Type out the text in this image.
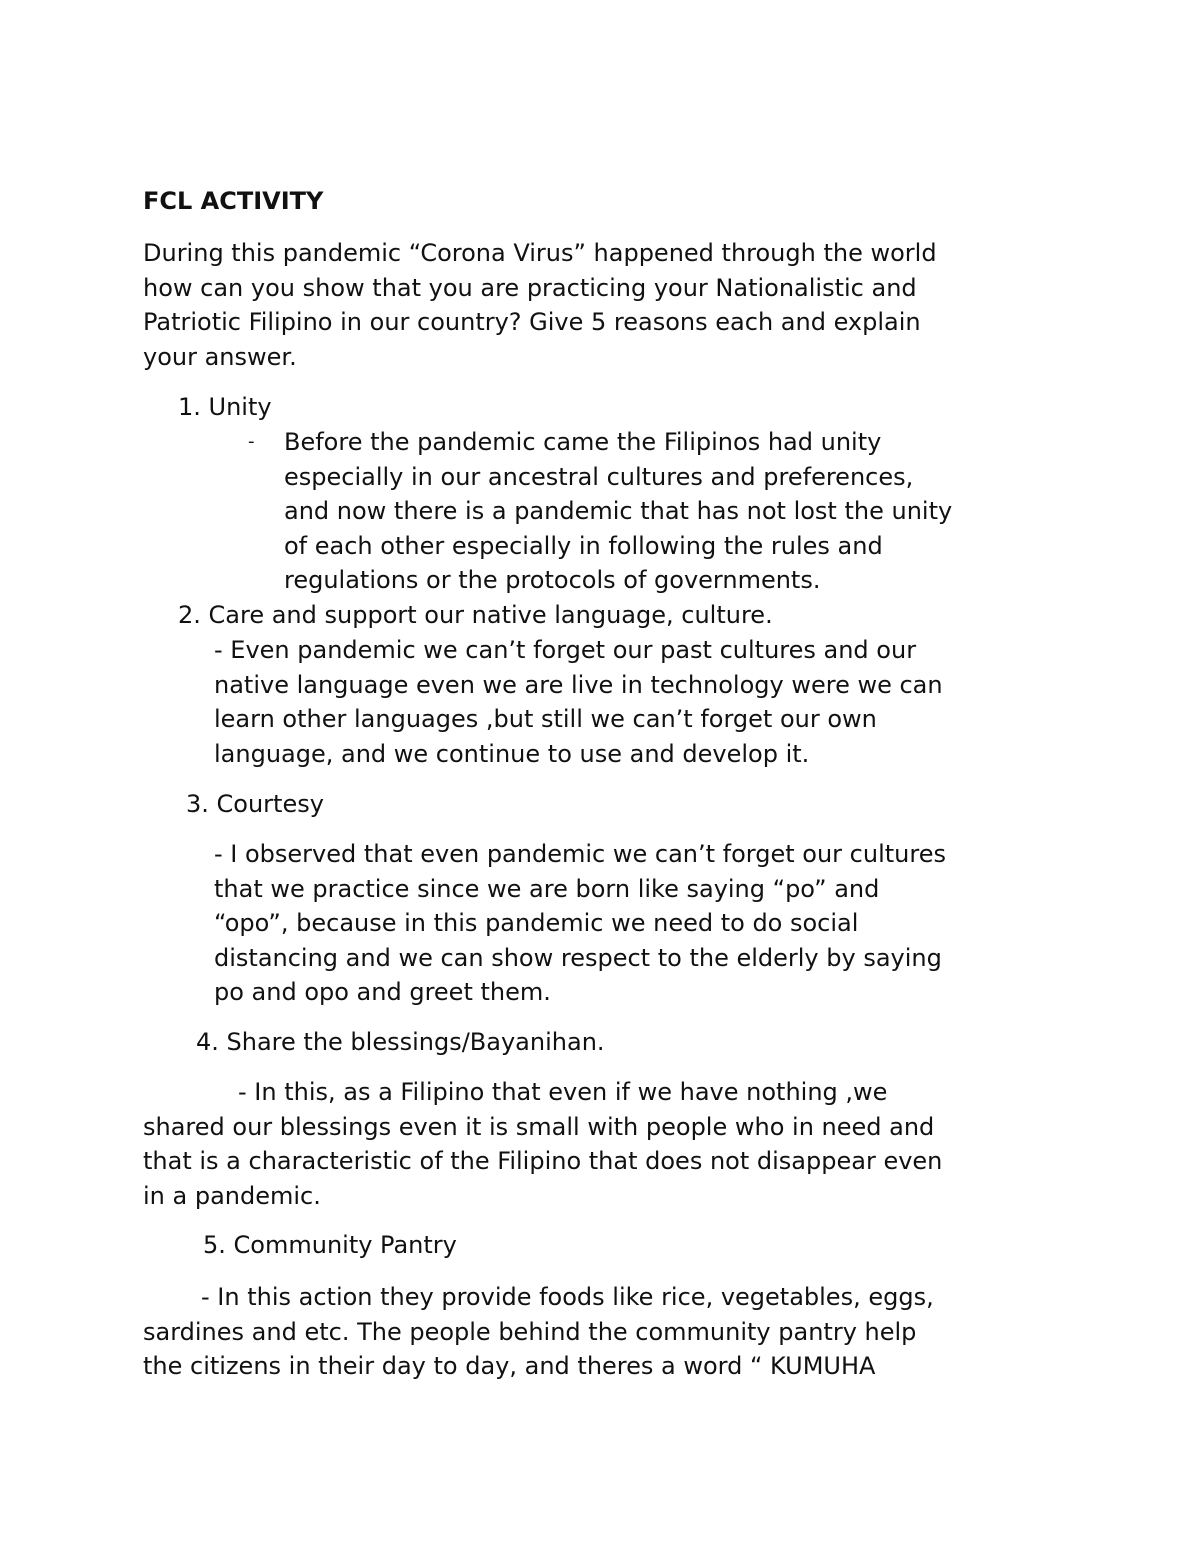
FCL ACTIVITY

During this pandemic “Corona Virus” happened through the world
how can you show that you are practicing your Nationalistic and
Patriotic Filipino in our country? Give 5 reasons each and explain
your answer.

1. Unity

- Before the pandemic came the Filipinos had unity
especially in our ancestral cultures and preferences,
and now there is a pandemic that has not lost the unity
of each other especially in following the rules and
regulations or the protocols of governments.

2. Care and support our native language, culture.

- Even pandemic we can’t forget our past cultures and our
native language even we are live in technology were we can
learn other languages ,but still we can’t forget our own
language, and we continue to use and develop it.

3. Courtesy

- I observed that even pandemic we can’t forget our cultures
that we practice since we are born like saying “po” and
“opo”, because in this pandemic we need to do social
distancing and we can show respect to the elderly by saying
po and opo and greet them.

4. Share the blessings/Bayanihan.

- In this, as a Filipino that even if we have nothing ,we
shared our blessings even it is small with people who in need and
that is a characteristic of the Filipino that does not disappear even
in a pandemic.

5. Community Pantry

- In this action they provide foods like rice, vegetables, eggs,
sardines and etc. The people behind the community pantry help
the citizens in their day to day, and theres a word “ KUMUHA
